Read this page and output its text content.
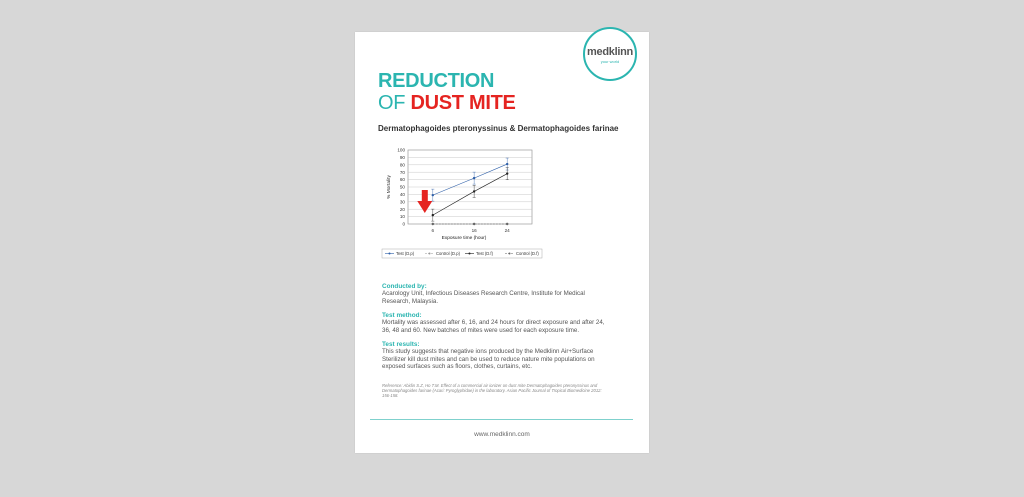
medklinn
your world
REDUCTION
OF DUST MITE
Dermatophagoides pteronyssinus & Dermatophagoides farinae
0
10
20
30
40
50
60
70
80
90
100
6	16	24
Exposure time (hour)
% Mortality
Test (D.p)	Control (D.p)	Test (D.f)	Control (D.f)
Conducted by:
Acarology Unit, Infectious Diseases Research Centre, Institute for Medical Research, Malaysia.
Test method:
Mortality was assessed after 6, 16, and 24 hours for direct exposure and after 24, 36, 48 and 60. New batches of mites were used for each exposure time.
Test results:
This study suggests that negative ions produced by the Medklinn Air+Surface Sterilizer kill dust mites and can be used to reduce nature mite populations on exposed surfaces such as floors, clothes, curtains, etc.
Reference: Abidin S.Z, Ho T.M. Effect of a commercial air ionizer on dust mite Dermatophagoides pteronyssinus and Dermatophagoides farinae (Acari: Pyroglyphidae) in the laboratory. Asian Pacific Journal of Tropical Biomedicine 2012: 156-158.
www.medklinn.com
